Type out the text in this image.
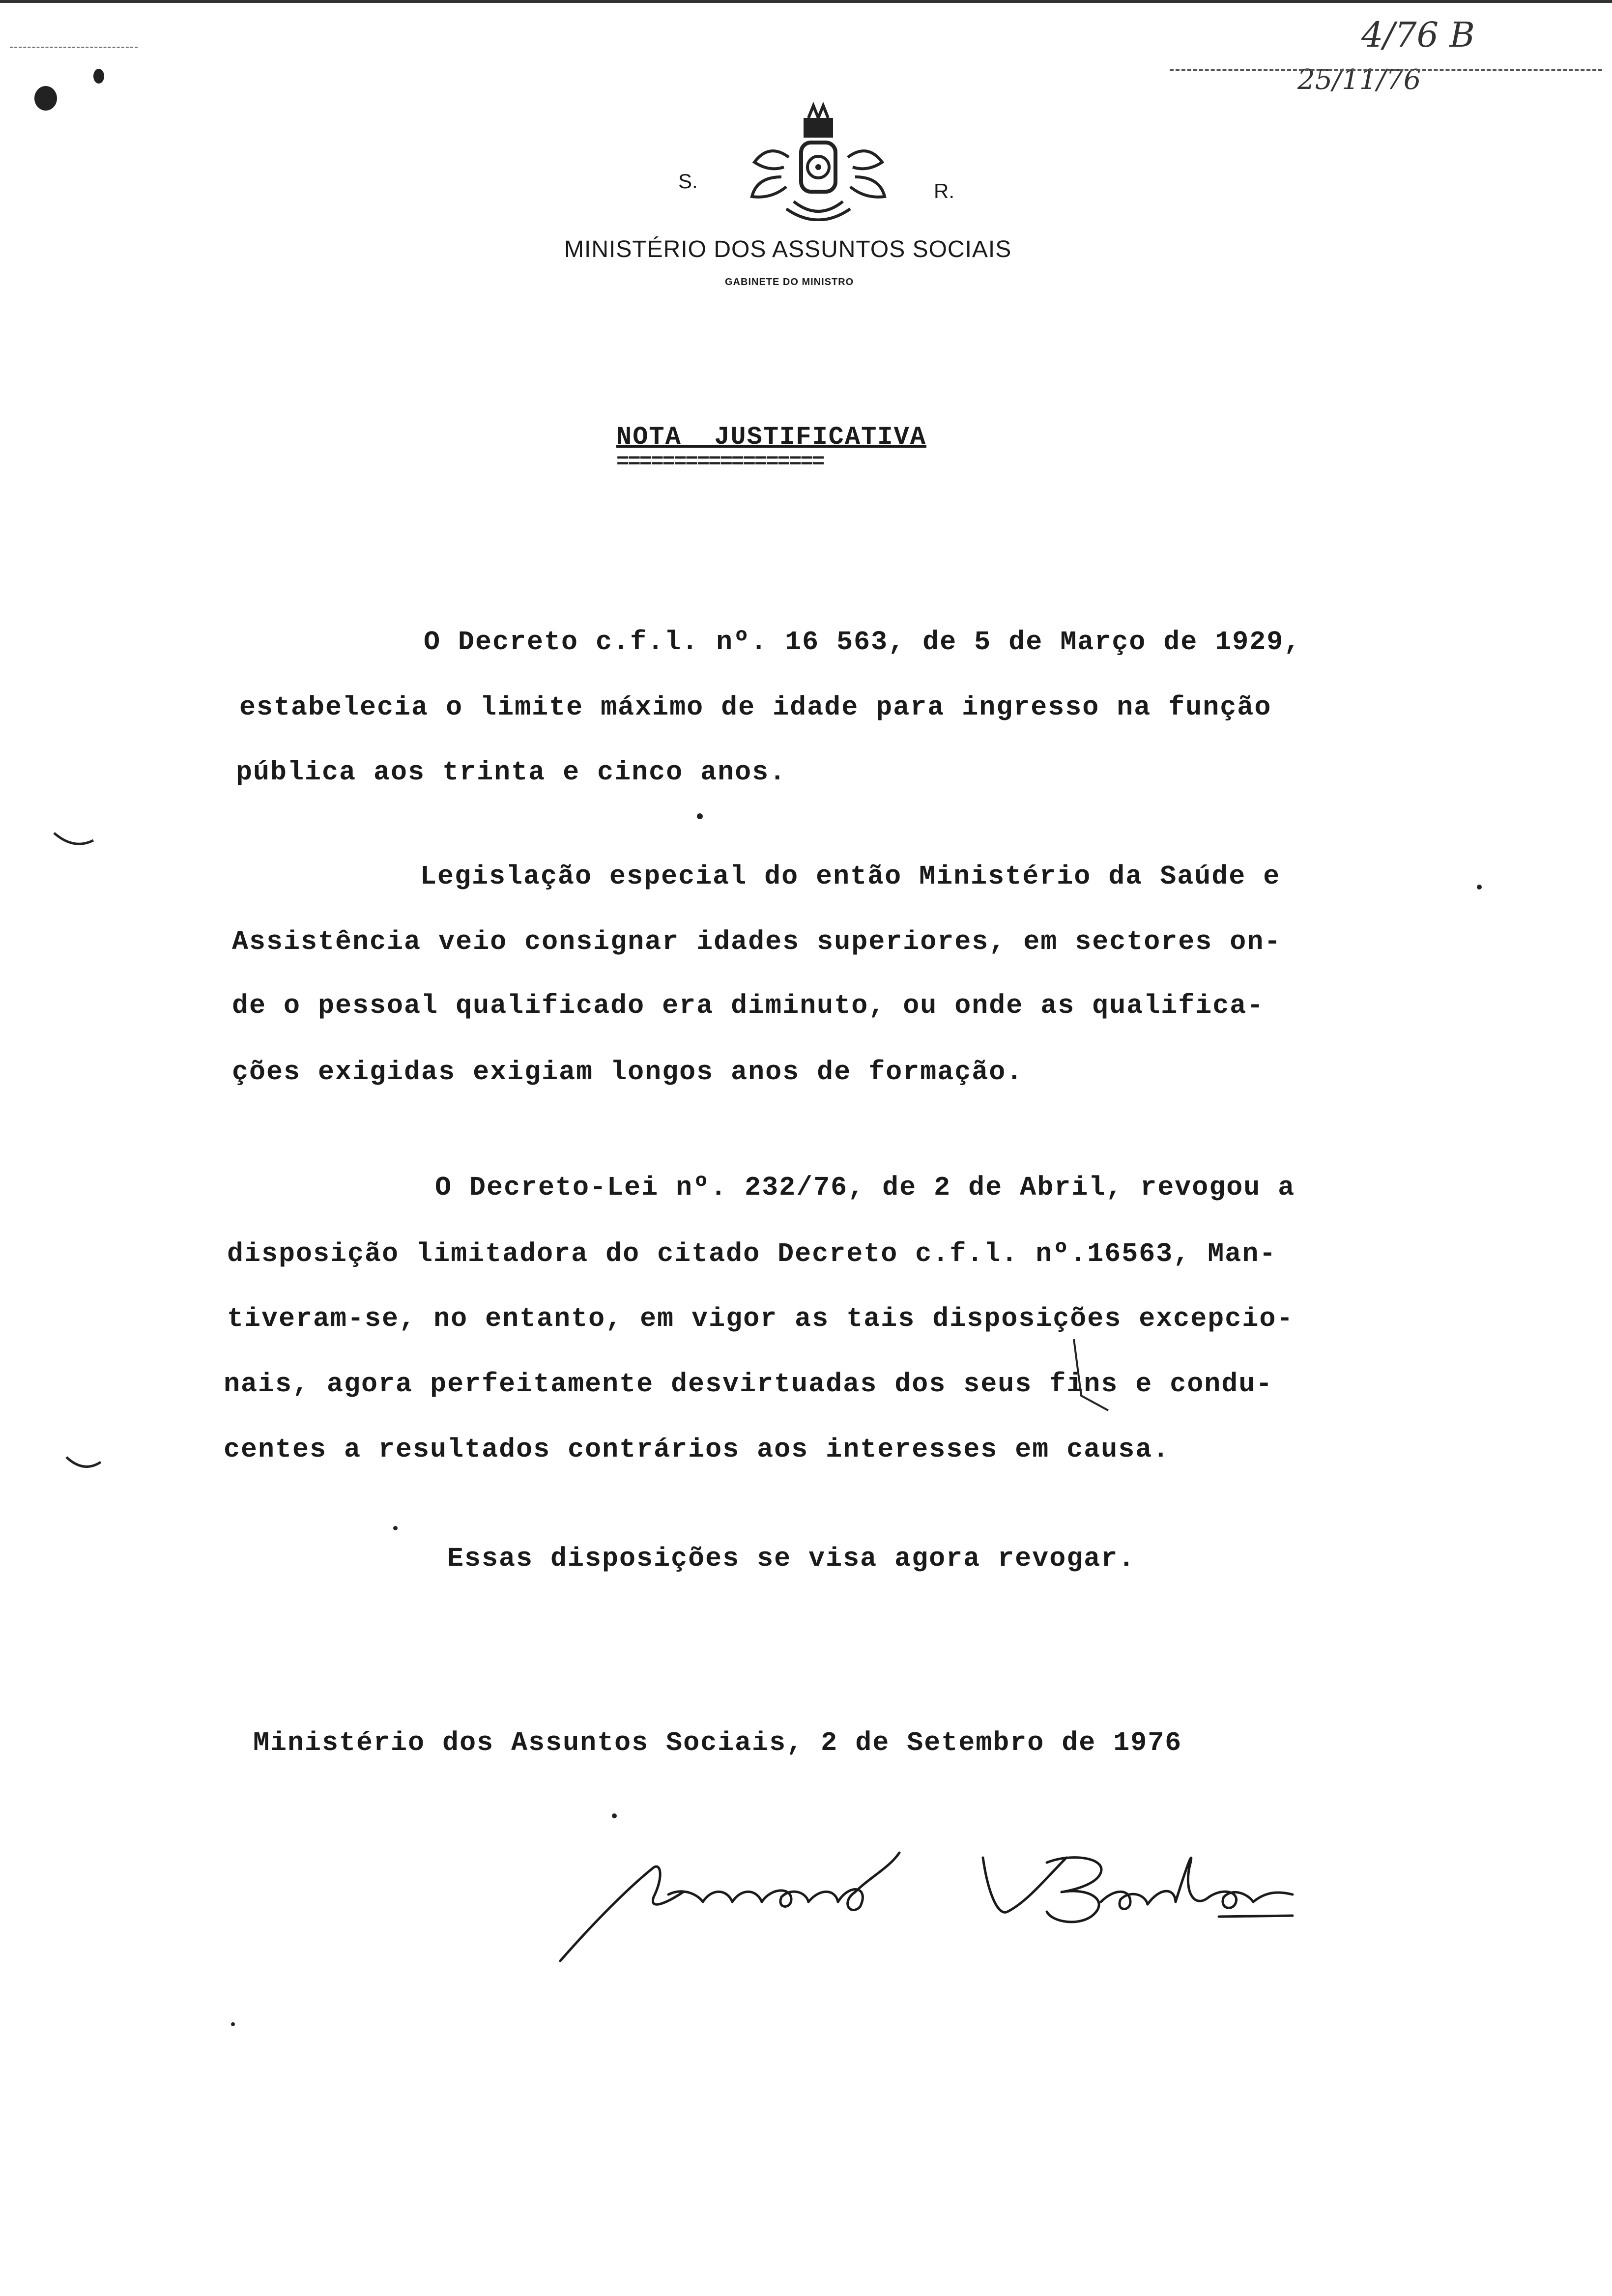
4/76 B
25/11/76
S.	R.
MINISTÉRIO DOS ASSUNTOS SOCIAIS
GABINETE DO MINISTRO
NOTA  JUSTIFICATIVA
==================
O Decreto c.f.l. nº. 16 563, de 5 de Março de 1929,
estabelecia o limite máximo de idade para ingresso na função
pública aos trinta e cinco anos.
Legislação especial do então Ministério da Saúde e
Assistência veio consignar idades superiores, em sectores on-
de o pessoal qualificado era diminuto, ou onde as qualifica-
ções exigidas exigiam longos anos de formação.
O Decreto-Lei nº. 232/76, de 2 de Abril, revogou a
disposição limitadora do citado Decreto c.f.l. nº.16563, Man-
tiveram-se, no entanto, em vigor as tais disposições excepcio-
nais, agora perfeitamente desvirtuadas dos seus fins e condu-
centes a resultados contrários aos interesses em causa.
Essas disposições se visa agora revogar.
Ministério dos Assuntos Sociais, 2 de Setembro de 1976
